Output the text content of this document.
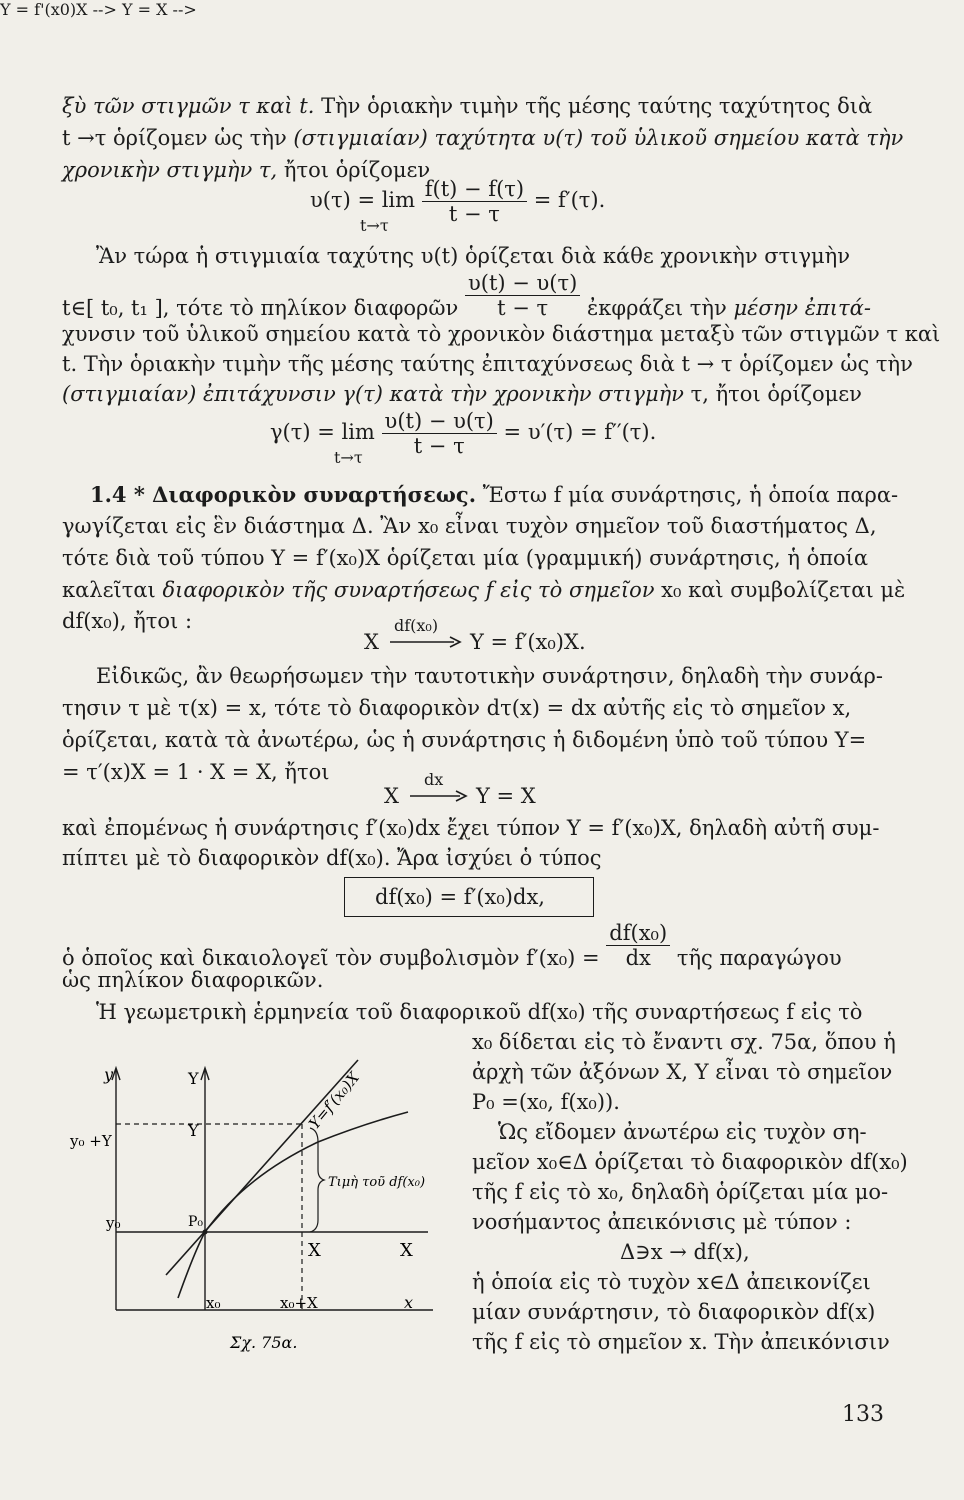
ξὺ τῶν στιγμῶν τ καὶ t. Τὴν ὁριακὴν τιμὴν τῆς μέσης ταύτης ταχύτητος διὰ
t →τ ὁρίζομεν ὡς τὴν (στιγμιαίαν) ταχύτητα υ(τ) τοῦ ὑλικοῦ σημείου κατὰ τὴν
χρονικὴν στιγμὴν τ, ἤτοι ὁρίζομεν
$\upsilon(\tau) = \lim \frac{f(t) - f(\tau)}{t - \tau} = f'(\tau)$.
t→τ
Ἂν τώρα ἡ στιγμιαία ταχύτης υ(t) ὁρίζεται διὰ κάθε χρονικὴν στιγμὴν
t∈[ t₀, t₁ ], τότε τὸ πηλίκον διαφορῶν $\frac{\upsilon(t) - \upsilon(\tau)}{t - \tau}$ ἐκφράζει τὴν μέσην ἐπιτά-
χυνσιν τοῦ ὑλικοῦ σημείου κατὰ τὸ χρονικὸν διάστημα μεταξὺ τῶν στιγμῶν τ καὶ
t. Τὴν ὁριακὴν τιμὴν τῆς μέσης ταύτης ἐπιταχύνσεως διὰ t → τ ὁρίζομεν ὡς τὴν
(στιγμιαίαν) ἐπιτάχυνσιν γ(τ) κατὰ τὴν χρονικὴν στιγμὴν τ, ἤτοι ὁρίζομεν
$\gamma(\tau) = \lim \frac{\upsilon(t) - \upsilon(\tau)}{t - \tau} = \upsilon'(\tau) = f''(\tau)$.
t→τ
1.4 * Διαφορικὸν συναρτήσεως. Ἔστω f μία συνάρτησις, ἡ ὁποία παρα-
γωγίζεται εἰς ἓν διάστημα Δ. Ἂν x₀ εἶναι τυχὸν σημεῖον τοῦ διαστήματος Δ,
τότε διὰ τοῦ τύπου Y = f′(x₀)X ὁρίζεται μία (γραμμική) συνάρτησις, ἡ ὁποία
καλεῖται διαφορικὸν τῆς συναρτήσεως f εἰς τὸ σημεῖον x₀ καὶ συμβολίζεται μὲ
df(x₀), ἤτοι :
Y = f'(x0)X -->
X
df(x₀)
Y = f′(x₀)X.
Εἰδικῶς, ἂν θεωρήσωμεν τὴν ταυτοτικὴν συνάρτησιν, δηλαδὴ τὴν συνάρ-
τησιν τ μὲ τ(x) = x, τότε τὸ διαφορικὸν dτ(x) = dx αὐτῆς εἰς τὸ σημεῖον x,
ὁρίζεται, κατὰ τὰ ἀνωτέρω, ὡς ἡ συνάρτησις ἡ διδομένη ὑπὸ τοῦ τύπου Y=
= τ′(x)X = 1 · X = X, ἤτοι
Y = X -->
X
dx
Y = X
καὶ ἐπομένως ἡ συνάρτησις f′(x₀)dx ἔχει τύπον Y = f′(x₀)X, δηλαδὴ αὐτῆ συμ-
πίπτει μὲ τὸ διαφορικὸν df(x₀). Ἄρα ἰσχύει ὁ τύπος
df(x₀) = f′(x₀)dx,
ὁ ὁποῖος καὶ δικαιολογεῖ τὸν συμβολισμὸν $f'(x_0) = \frac{\text{df(x₀)}}{dx}$ τῆς παραγώγου
ὡς πηλίκον διαφορικῶν.
Ἡ γεωμετρικὴ ἑρμηνεία τοῦ διαφορικοῦ df(x₀) τῆς συναρτήσεως f εἰς τὸ
x₀ δίδεται εἰς τὸ ἔναντι σχ. 75α, ὅπου ἡ
ἀρχὴ τῶν ἀξόνων X, Y εἶναι τὸ σημεῖον
P₀ =(x₀, f(x₀)).
Ὡς εἴδομεν ἀνωτέρω εἰς τυχὸν ση-
μεῖον x₀∈Δ ὁρίζεται τὸ διαφορικὸν df(x₀)
τῆς f εἰς τὸ x₀, δηλαδὴ ὁρίζεται μία μο-
νοσήμαντος ἀπεικόνισις μὲ τύπον :
Δ∋x → df(x),
ἡ ὁποία εἰς τὸ τυχὸν x∈Δ ἀπεικονίζει
μίαν συνάρτησιν, τὸ διαφορικὸν df(x)
τῆς f εἰς τὸ σημεῖον x. Τὴν ἀπεικόνισιν
y	Y
Y
y₀ +Y
y₀	P₀
X	X
x₀	x₀+X	x
Τιμὴ τοῦ df(x₀)
Y=f′(x₀)X
Σχ. 75α.
133
